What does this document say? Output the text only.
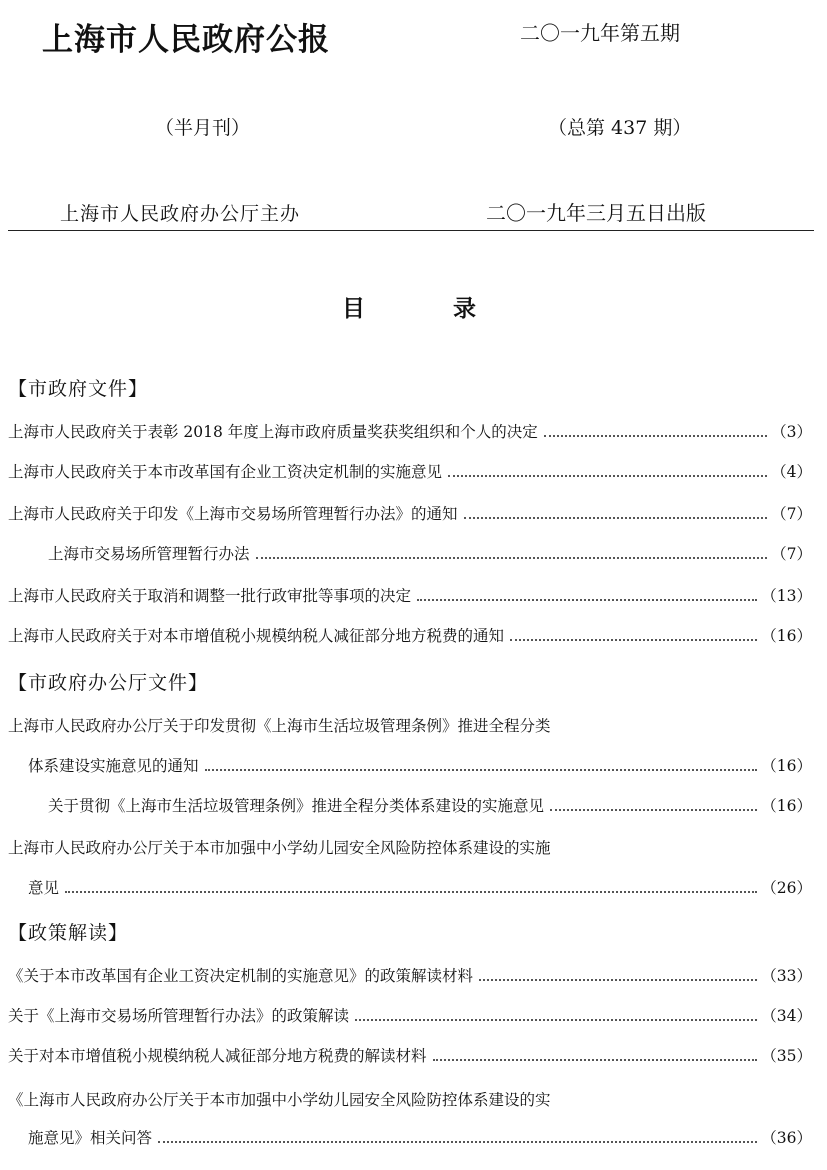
上海市人民政府公报	二〇一九年第五期
（半月刊）	（总第 437 期）
上海市人民政府办公厅主办	二〇一九年三月五日出版
目	录
【市政府文件】
上海市人民政府关于表彰 2018 年度上海市政府质量奖获奖组织和个人的决定	（3）
上海市人民政府关于本市改革国有企业工资决定机制的实施意见	（4）
上海市人民政府关于印发《上海市交易场所管理暂行办法》的通知	（7）
上海市交易场所管理暂行办法	（7）
上海市人民政府关于取消和调整一批行政审批等事项的决定	（13）
上海市人民政府关于对本市增值税小规模纳税人减征部分地方税费的通知	（16）
【市政府办公厅文件】
上海市人民政府办公厅关于印发贯彻《上海市生活垃圾管理条例》推进全程分类
体系建设实施意见的通知	（16）
关于贯彻《上海市生活垃圾管理条例》推进全程分类体系建设的实施意见	（16）
上海市人民政府办公厅关于本市加强中小学幼儿园安全风险防控体系建设的实施
意见	（26）
【政策解读】
《关于本市改革国有企业工资决定机制的实施意见》的政策解读材料	（33）
关于《上海市交易场所管理暂行办法》的政策解读	（34）
关于对本市增值税小规模纳税人减征部分地方税费的解读材料	（35）
《上海市人民政府办公厅关于本市加强中小学幼儿园安全风险防控体系建设的实
施意见》相关问答	（36）
